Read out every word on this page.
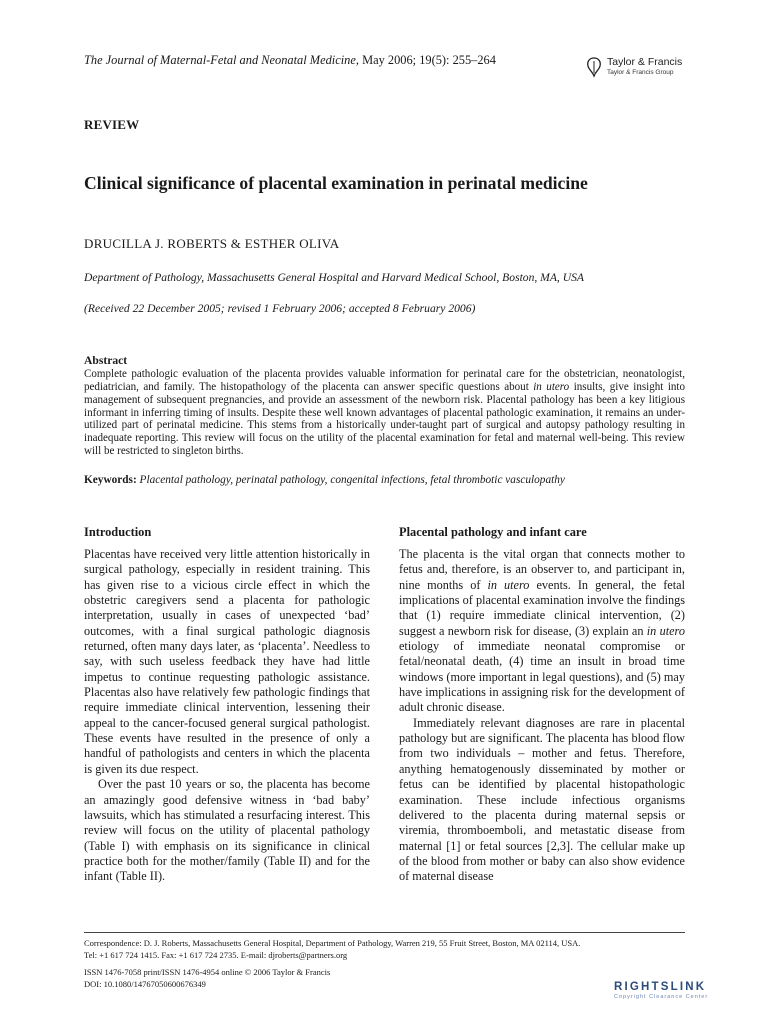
The Journal of Maternal-Fetal and Neonatal Medicine, May 2006; 19(5): 255–264	Taylor & Francis
Taylor & Francis Group
REVIEW
Clinical significance of placental examination in perinatal medicine
DRUCILLA J. ROBERTS & ESTHER OLIVA
Department of Pathology, Massachusetts General Hospital and Harvard Medical School, Boston, MA, USA
(Received 22 December 2005; revised 1 February 2006; accepted 8 February 2006)
Abstract
Complete pathologic evaluation of the placenta provides valuable information for perinatal care for the obstetrician, neonatologist, pediatrician, and family. The histopathology of the placenta can answer specific questions about in utero insults, give insight into management of subsequent pregnancies, and provide an assessment of the newborn risk. Placental pathology has been a key litigious informant in inferring timing of insults. Despite these well known advantages of placental pathologic examination, it remains an under-utilized part of perinatal medicine. This stems from a historically under-taught part of surgical and autopsy pathology resulting in inadequate reporting. This review will focus on the utility of the placental examination for fetal and maternal well-being. This review will be restricted to singleton births.
Keywords: Placental pathology, perinatal pathology, congenital infections, fetal thrombotic vasculopathy
Introduction

Placentas have received very little attention historically in surgical pathology, especially in resident training. This has given rise to a vicious circle effect in which the obstetric caregivers send a placenta for pathologic interpretation, usually in cases of unexpected ‘bad’ outcomes, with a final surgical pathologic diagnosis returned, often many days later, as ‘placenta’. Needless to say, with such useless feedback they have had little impetus to continue requesting pathologic assistance. Placentas also have relatively few pathologic findings that require immediate clinical intervention, lessening their appeal to the cancer-focused general surgical pathologist. These events have resulted in the presence of only a handful of pathologists and centers in which the placenta is given its due respect.

Over the past 10 years or so, the placenta has become an amazingly good defensive witness in ‘bad baby’ lawsuits, which has stimulated a resurfacing interest. This review will focus on the utility of placental pathology (Table I) with emphasis on its significance in clinical practice both for the mother/family (Table II) and for the infant (Table II).

Placental pathology and infant care

The placenta is the vital organ that connects mother to fetus and, therefore, is an observer to, and participant in, nine months of in utero events. In general, the fetal implications of placental examination involve the findings that (1) require immediate clinical intervention, (2) suggest a newborn risk for disease, (3) explain an in utero etiology of immediate neonatal compromise or fetal/neonatal death, (4) time an insult in broad time windows (more important in legal questions), and (5) may have implications in assigning risk for the development of adult chronic disease.

Immediately relevant diagnoses are rare in placental pathology but are significant. The placenta has blood flow from two individuals – mother and fetus. Therefore, anything hematogenously disseminated by mother or fetus can be identified by placental histopathologic examination. These include infectious organisms delivered to the placenta during maternal sepsis or viremia, thromboemboli, and metastatic disease from maternal [1] or fetal sources [2,3]. The cellular make up of the blood from mother or baby can also show evidence of maternal disease

Correspondence: D. J. Roberts, Massachusetts General Hospital, Department of Pathology, Warren 219, 55 Fruit Street, Boston, MA 02114, USA.
Tel: +1 617 724 1415. Fax: +1 617 724 2735. E-mail: djroberts@partners.org
ISSN 1476-7058 print/ISSN 1476-4954 online © 2006 Taylor & Francis
DOI: 10.1080/14767050600676349	RIGHTSLINK
Copyright Clearance Center
